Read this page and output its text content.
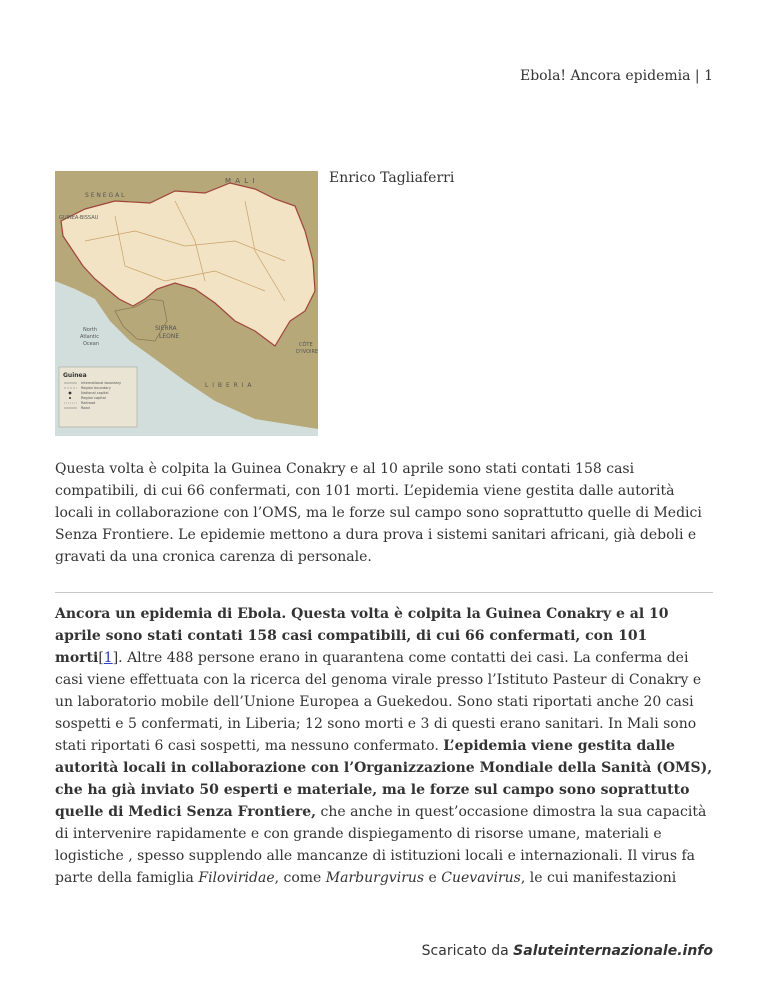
Ebola! Ancora epidemia | 1
M A L I
S E N E G A L
GUINEA-BISSAU
SIERRA
LEONE
L I B E R I A
North
Atlantic
Ocean	CÔTE
D'IVOIRE
Guinea
International boundary
Region boundary
National capital
Region capital
Railroad
Road
Enrico Tagliaferri

Questa volta è colpita la Guinea Conakry e al 10 aprile sono stati contati 158 casi compatibili, di cui 66 confermati, con 101 morti. L’epidemia viene gestita dalle autorità locali in collaborazione con l’OMS, ma le forze sul campo sono soprattutto quelle di Medici Senza Frontiere. Le epidemie mettono a dura prova i sistemi sanitari africani, già deboli e gravati da una cronica carenza di personale.

Ancora un epidemia di Ebola. Questa volta è colpita la Guinea Conakry e al 10 aprile sono stati contati 158 casi compatibili, di cui 66 confermati, con 101 morti[1]. Altre 488 persone erano in quarantena come contatti dei casi. La conferma dei casi viene effettuata con la ricerca del genoma virale presso l’Istituto Pasteur di Conakry e un laboratorio mobile dell’Unione Europea a Guekedou. Sono stati riportati anche 20 casi sospetti e 5 confermati, in Liberia; 12 sono morti e 3 di questi erano sanitari. In Mali sono stati riportati 6 casi sospetti, ma nessuno confermato. L’epidemia viene gestita dalle autorità locali in collaborazione con l’Organizzazione Mondiale della Sanità (OMS), che ha già inviato 50 esperti e materiale, ma le forze sul campo sono soprattutto quelle di Medici Senza Frontiere, che anche in quest’occasione dimostra la sua capacità di intervenire rapidamente e con grande dispiegamento di risorse umane, materiali e logistiche , spesso supplendo alle mancanze di istituzioni locali e internazionali. Il virus fa parte della famiglia Filoviridae, come Marburgvirus e Cuevavirus, le cui manifestazioni

Scaricato da Saluteinternazionale.info
